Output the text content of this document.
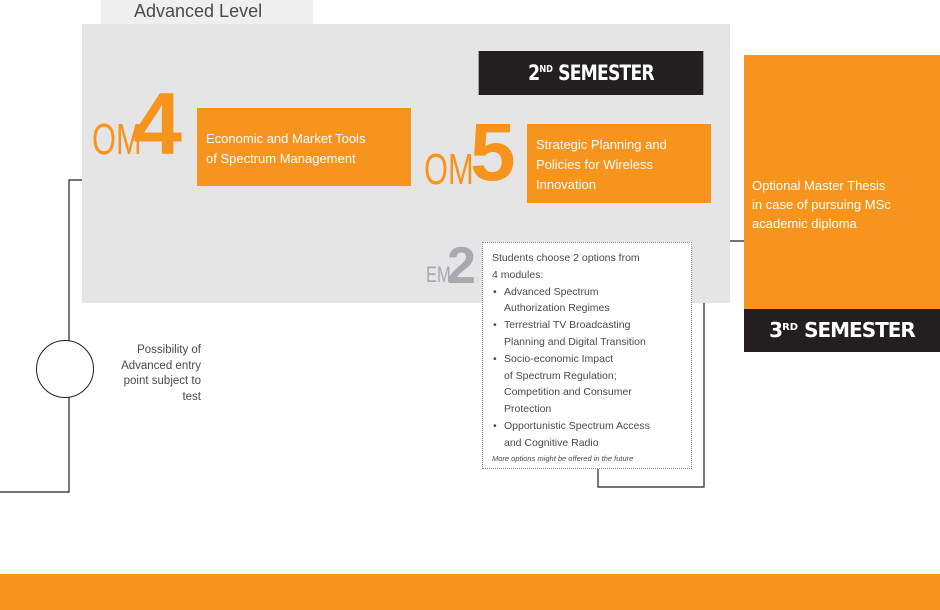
Advanced Level
2ND SEMESTER
OM
4 Economic and Market Tools
of Spectrum Management	OM
5 Strategic Planning and
Policies for Wireless
Innovation
EM
2 Students choose 2 options from
4 modules:
• Advanced Spectrum
Authorization Regimes
• Terrestrial TV Broadcasting
Planning and Digital Transition
• Socio-economic Impact
of Spectrum Regulation;
Competition and Consumer
Protection
• Opportunistic Spectrum Access
and Cognitive Radio
More options might be offered in the future
Optional Master Thesis
in case of pursuing MSc
academic diploma
3RD SEMESTER
Possibility of
Advanced entry
point subject to
test
